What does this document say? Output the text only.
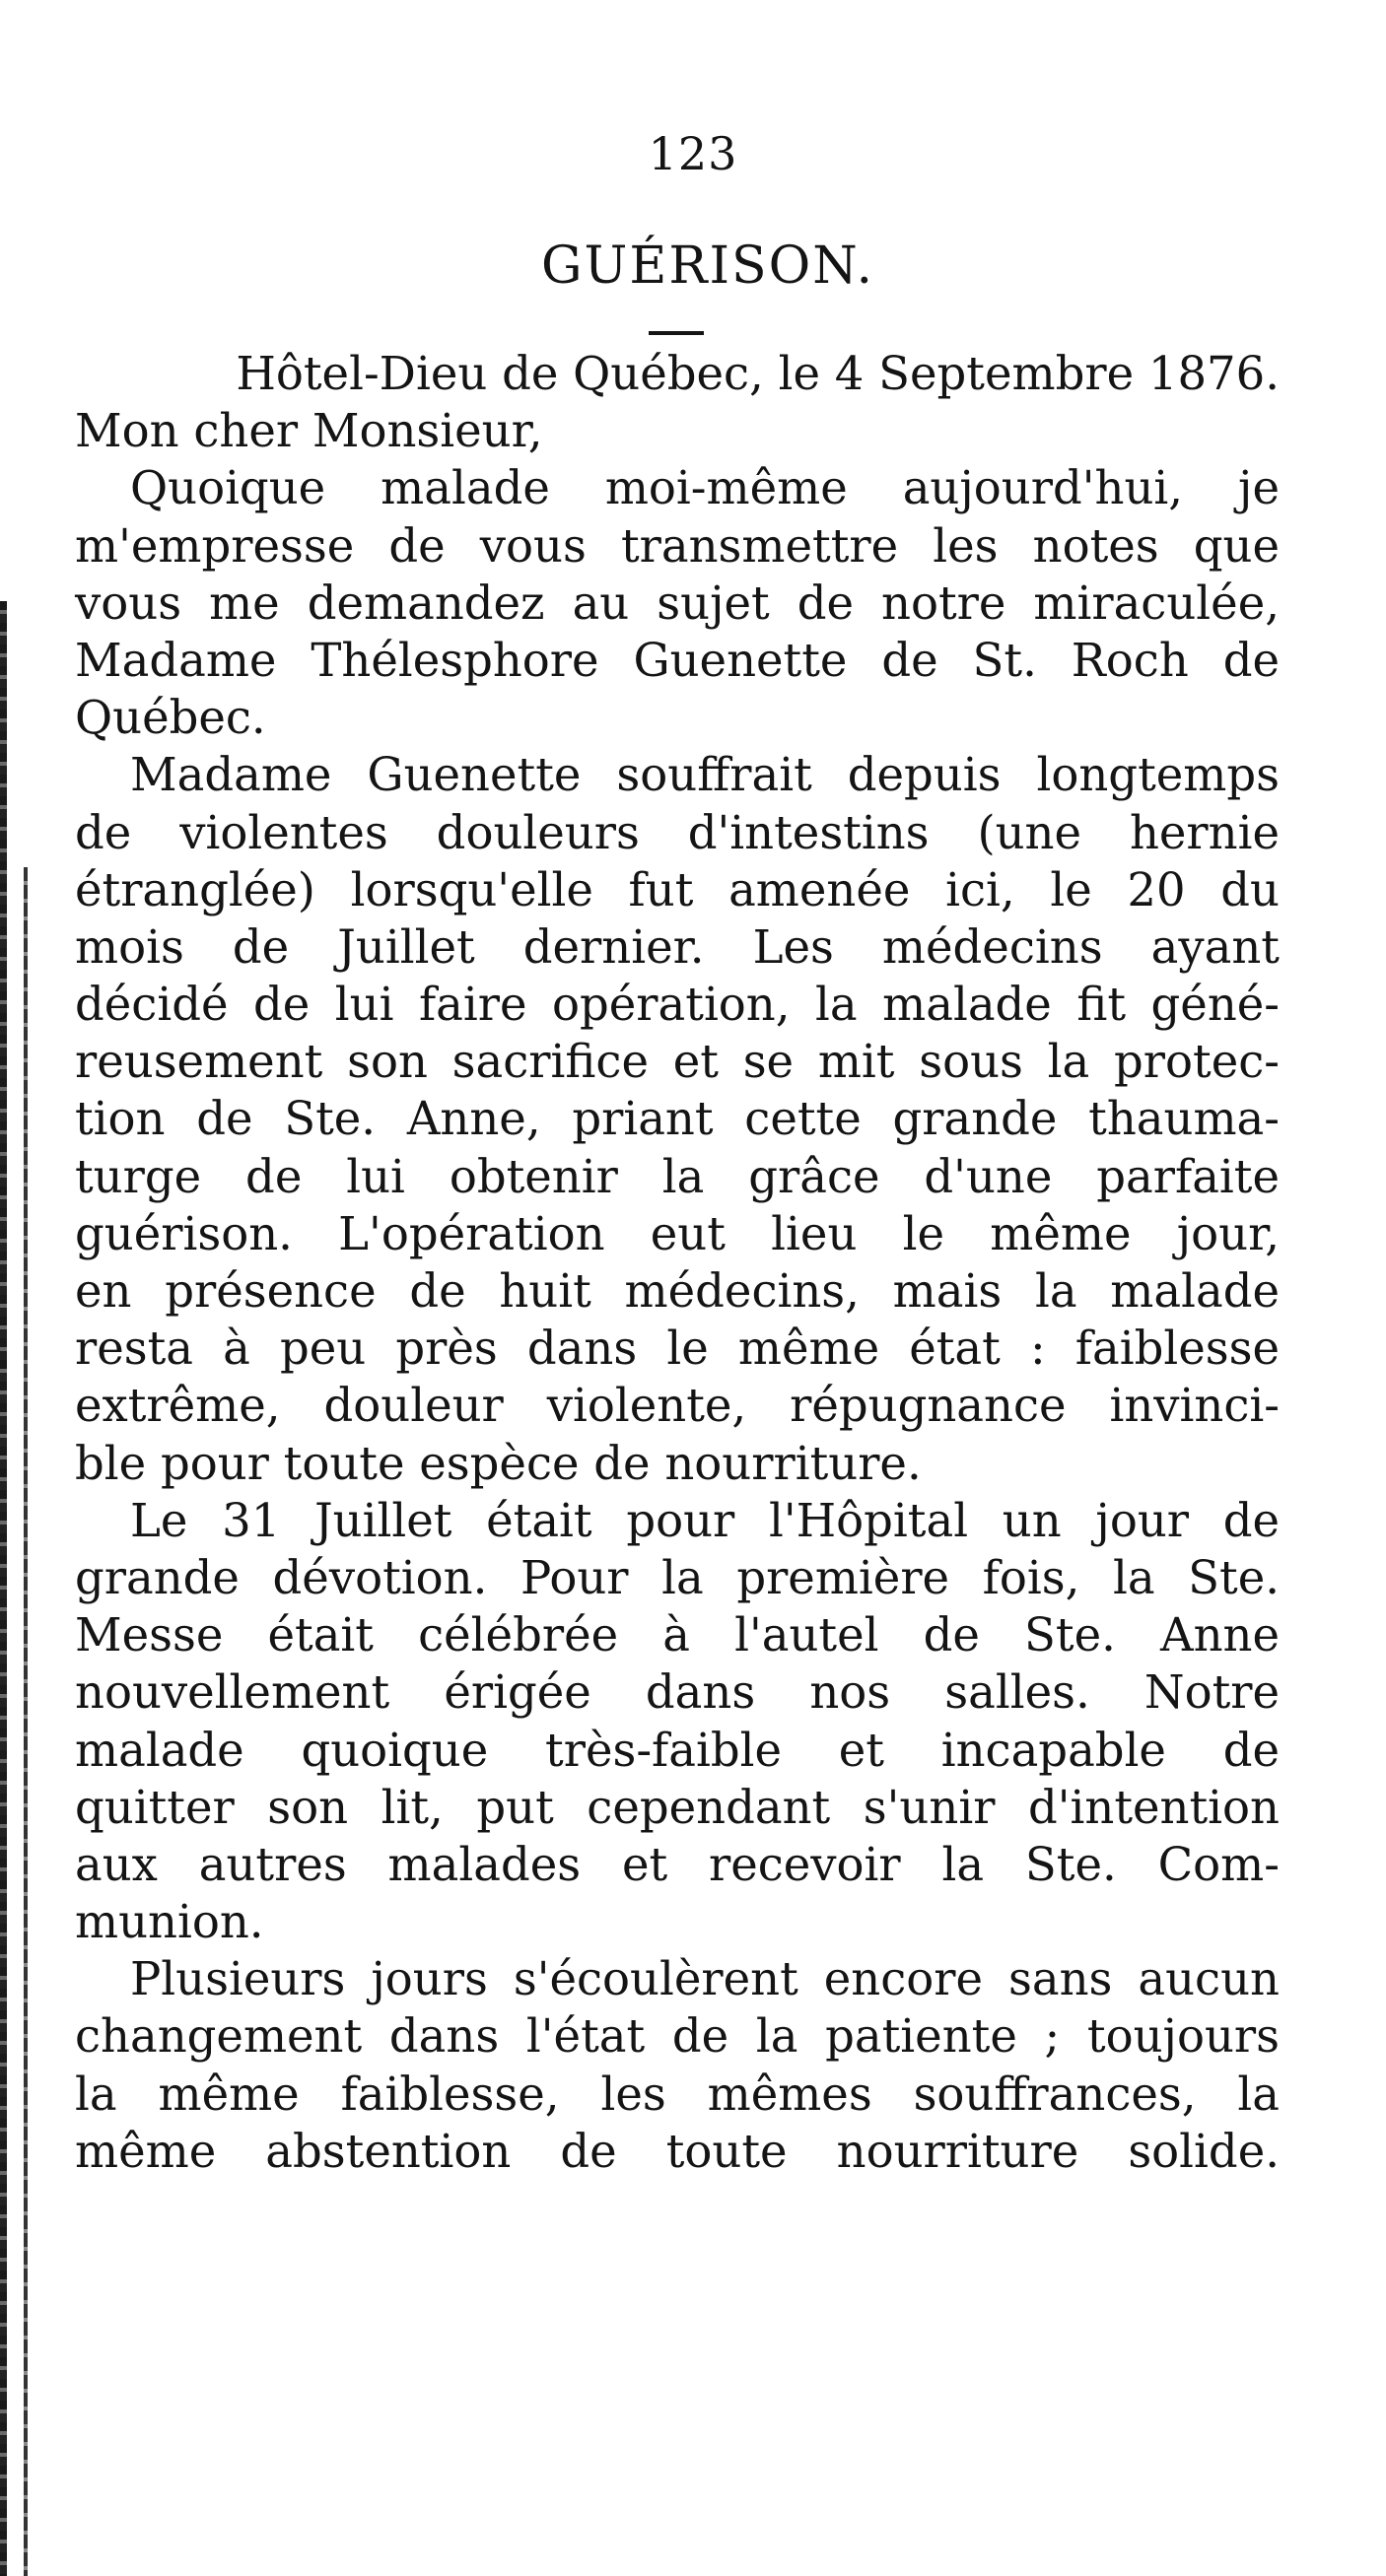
123
GUÉRISON.
Hôtel-Dieu de Québec, le 4 Septembre 1876.
Mon cher Monsieur,
Quoique malade moi-même aujourd'hui, je
m'empresse de vous transmettre les notes que
vous me demandez au sujet de notre miraculée,
Madame Thélesphore Guenette de St. Roch de
Québec.
Madame Guenette souffrait depuis longtemps
de violentes douleurs d'intestins (une hernie
étranglée) lorsqu'elle fut amenée ici, le 20 du
mois de Juillet dernier. Les médecins ayant
décidé de lui faire opération, la malade fit géné-
reusement son sacrifice et se mit sous la protec-
tion de Ste. Anne, priant cette grande thauma-
turge de lui obtenir la grâce d'une parfaite
guérison. L'opération eut lieu le même jour,
en présence de huit médecins, mais la malade
resta à peu près dans le même état : faiblesse
extrême, douleur violente, répugnance invinci-
ble pour toute espèce de nourriture.
Le 31 Juillet était pour l'Hôpital un jour de
grande dévotion. Pour la première fois, la Ste.
Messe était célébrée à l'autel de Ste. Anne
nouvellement érigée dans nos salles. Notre
malade quoique très-faible et incapable de
quitter son lit, put cependant s'unir d'intention
aux autres malades et recevoir la Ste. Com-
munion.
Plusieurs jours s'écoulèrent encore sans aucun
changement dans l'état de la patiente ; toujours
la même faiblesse, les mêmes souffrances, la
même abstention de toute nourriture solide.
